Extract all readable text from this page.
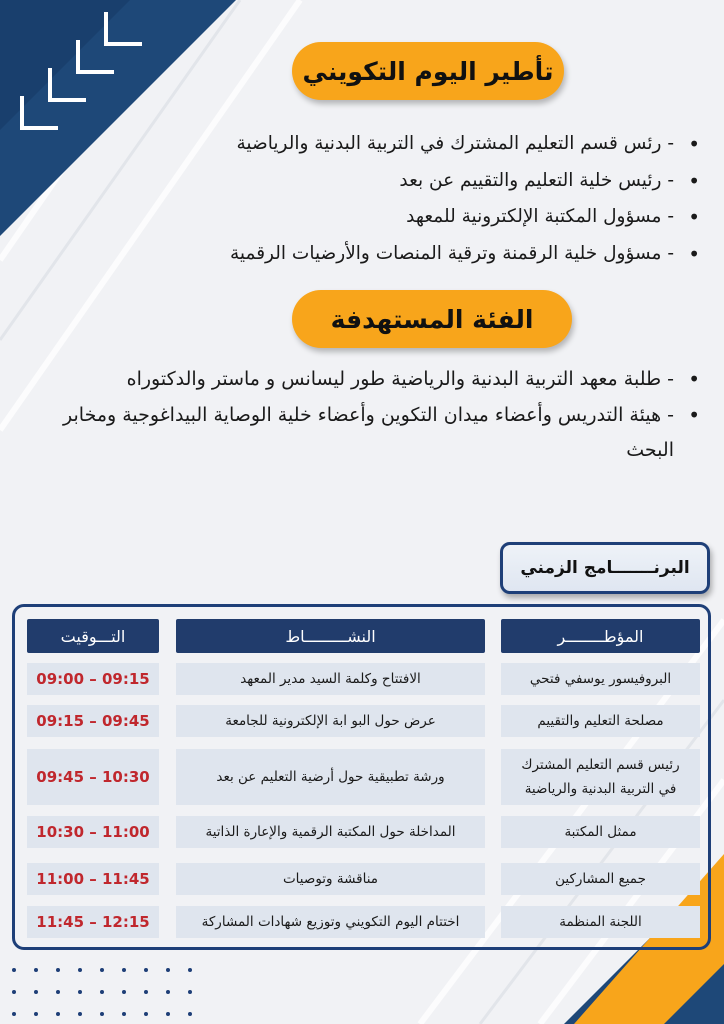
تأطير اليوم التكويني
• - رئس قسم التعليم المشترك في التربية البدنية والرياضية
• - رئيس خلية التعليم والتقييم عن بعد
• - مسؤول المكتبة الإلكترونية للمعهد
• - مسؤول خلية الرقمنة وترقية المنصات والأرضيات الرقمية
الفئة المستهدفة
• - طلبة معهد التربية البدنية والرياضية طور ليسانس و ماستر والدكتوراه
• - هيئة التدريس وأعضاء ميدان التكوين وأعضاء خلية الوصاية البيداغوجية ومخابر البحث
البرنـــــــامج الزمني
المؤطــــــــر
النشـــــــــاط
التـــوقيت
البروفيسور يوسفي فتحي
الافتتاح وكلمة السيد مدير المعهد
09:00 – 09:15
مصلحة التعليم والتقييم
عرض حول البو ابة الإلكترونية للجامعة
09:15 – 09:45
رئيس قسم التعليم المشترك في التربية البدنية والرياضية
ورشة تطبيقية حول أرضية التعليم عن بعد
09:45 – 10:30
ممثل المكتبة
المداخلة حول المكتبة الرقمية والإعارة الذاتية
10:30 – 11:00
جميع المشاركين
مناقشة وتوصيات
11:00 – 11:45
اللجنة المنظمة
اختتام اليوم التكويني وتوزيع شهادات المشاركة
11:45 – 12:15
